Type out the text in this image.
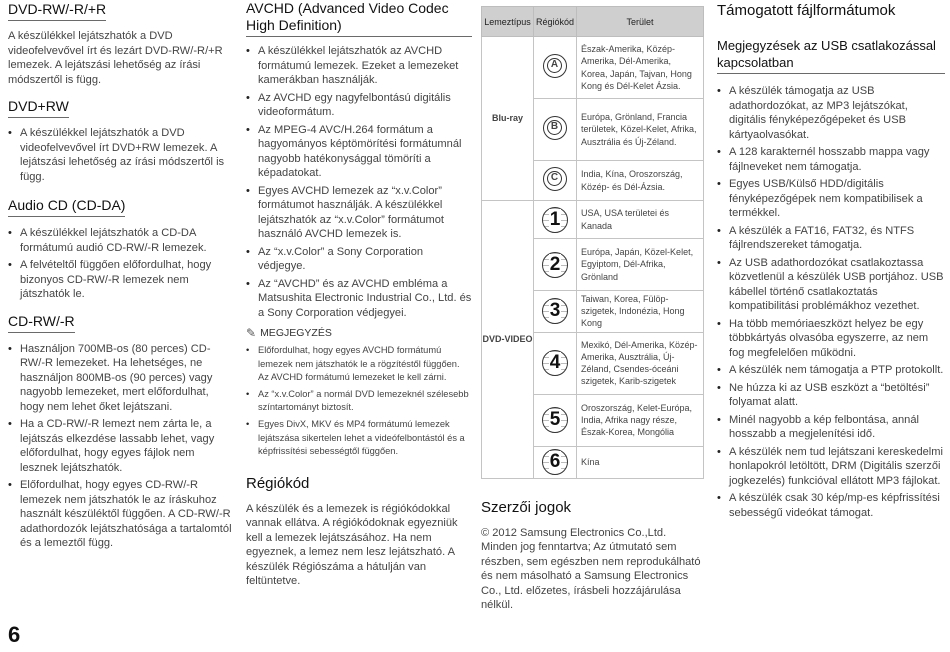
DVD-RW/-R/+R

A készülékkel lejátszhatók a DVD videofelvevővel írt és lezárt DVD-RW/-R/+R lemezek. A lejátszási lehetőség az írási módszertől is függ.

DVD+RW
• A készülékkel lejátszhatók a DVD videofelvevővel írt DVD+RW lemezek. A lejátszási lehetőség az írási módszertől is függ.
Audio CD (CD-DA)
• A készülékkel lejátszhatók a CD-DA formátumú audió CD-RW/-R lemezek.
• A felvételtől függően előfordulhat, hogy bizonyos CD-RW/-R lemezek nem játszhatók le.
CD-RW/-R
• Használjon 700MB-os (80 perces) CD-RW/-R lemezeket. Ha lehetséges, ne használjon 800MB-os (90 perces) vagy nagyobb lemezeket, mert előfordulhat, hogy nem lehet őket lejátszani.
• Ha a CD-RW/-R lemezt nem zárta le, a lejátszás elkezdése lassabb lehet, vagy előfordulhat, hogy egyes fájlok nem lesznek lejátszhatók.
• Előfordulhat, hogy egyes CD-RW/-R lemezek nem játszhatók le az íráskuhoz használt készüléktől függően. A CD-RW/-R adathordozók lejátszhatósága a tartalomtól és a lemeztől függ.
6
AVCHD (Advanced Video Codec High Definition)
• A készülékkel lejátszhatók az AVCHD formátumú lemezek. Ezeket a lemezeket kamerákban használják.
• Az AVCHD egy nagyfelbontású digitális videoformátum.
• Az MPEG-4 AVC/H.264 formátum a hagyományos képtömörítési formátumnál nagyobb hatékonysággal tömöríti a képadatokat.
• Egyes AVCHD lemezek az “x.v.Color” formátumot használják. A készülékkel lejátszhatók az “x.v.Color” formátumot használó AVCHD lemezek is.
• Az “x.v.Color” a Sony Corporation védjegye.
• Az “AVCHD” és az AVCHD embléma a Matsushita Electronic Industrial Co., Ltd. és a Sony Corporation védjegyei.
✎ MEGJEGYZÉS
• Előfordulhat, hogy egyes AVCHD formátumú lemezek nem játszhatók le a rögzítéstől függően. Az AVCHD formátumú lemezeket le kell zárni.
• Az “x.v.Color” a normál DVD lemezeknél szélesebb színtartományt biztosít.
• Egyes DivX, MKV és MP4 formátumú lemezek lejátszása sikertelen lehet a videófelbontástól és a képfrissítési sebességtől függően.
Régiókód

A készülék és a lemezek is régiókódokkal vannak ellátva. A régiókódoknak egyezniük kell a lemezek lejátszásához. Ha nem egyeznek, a lemez nem lesz lejátszható. A készülék Régiószáma a hátulján van feltüntetve.

Lemeztípus	Régiókód	Terület
Blu-ray	A	Észak-Amerika, Közép-Amerika, Dél-Amerika, Korea, Japán, Tajvan, Hong Kong és Dél-Kelet Ázsia.

	B	Európa, Grönland, Francia területek, Közel-Kelet, Afrika, Ausztrália és Új-Zéland.

	C	India, Kína, Oroszország, Közép- és Dél-Ázsia.
DVD-VIDEO	1	USA, USA területei és Kanada
	2	Európa, Japán, Közel-Kelet, Egyiptom, Dél-Afrika, Grönland
	3	Taiwan, Korea, Fülöp-szigetek, Indonézia, Hong Kong
	4	Mexikó, Dél-Amerika, Közép-Amerika, Ausztrália, Új-Zéland, Csendes-óceáni szigetek, Karib-szigetek
	5	Oroszország, Kelet-Európa, India, Afrika nagy része, Észak-Korea, Mongólia
	6	Kína
Szerzői jogok

© 2012 Samsung Electronics Co.,Ltd. Minden jog fenntartva; Az útmutató sem részben, sem egészben nem reprodukálható és nem másolható a Samsung Electronics Co., Ltd. előzetes, írásbeli hozzájárulása nélkül.

Támogatott fájlformátumok
Megjegyzések az USB csatlakozással kapcsolatban
• A készülék támogatja az USB adathordozókat, az MP3 lejátszókat, digitális fényképezőgépeket és USB kártyaolvasókat.
• A 128 karakternél hosszabb mappa vagy fájlneveket nem támogatja.
• Egyes USB/Külső HDD/digitális fényképezőgépek nem kompatibilisek a termékkel.
• A készülék a FAT16, FAT32, és NTFS fájlrendszereket támogatja.
• Az USB adathordozókat csatlakoztassa közvetlenül a készülék USB portjához. USB kábellel történő csatlakoztatás kompatibilitási problémákhoz vezethet.
• Ha több memóriaeszközt helyez be egy többkártyás olvasóba egyszerre, az nem fog megfelelően működni.
• A készülék nem támogatja a PTP protokollt.
• Ne húzza ki az USB eszközt a “betöltési” folyamat alatt.
• Minél nagyobb a kép felbontása, annál hosszabb a megjelenítési idő.
• A készülék nem tud lejátszani kereskedelmi honlapokról letöltött, DRM (Digitális szerzői jogkezelés) funkcióval ellátott MP3 fájlokat.
• A készülék csak 30 kép/mp-es képfrissítési sebességű videókat támogat.
